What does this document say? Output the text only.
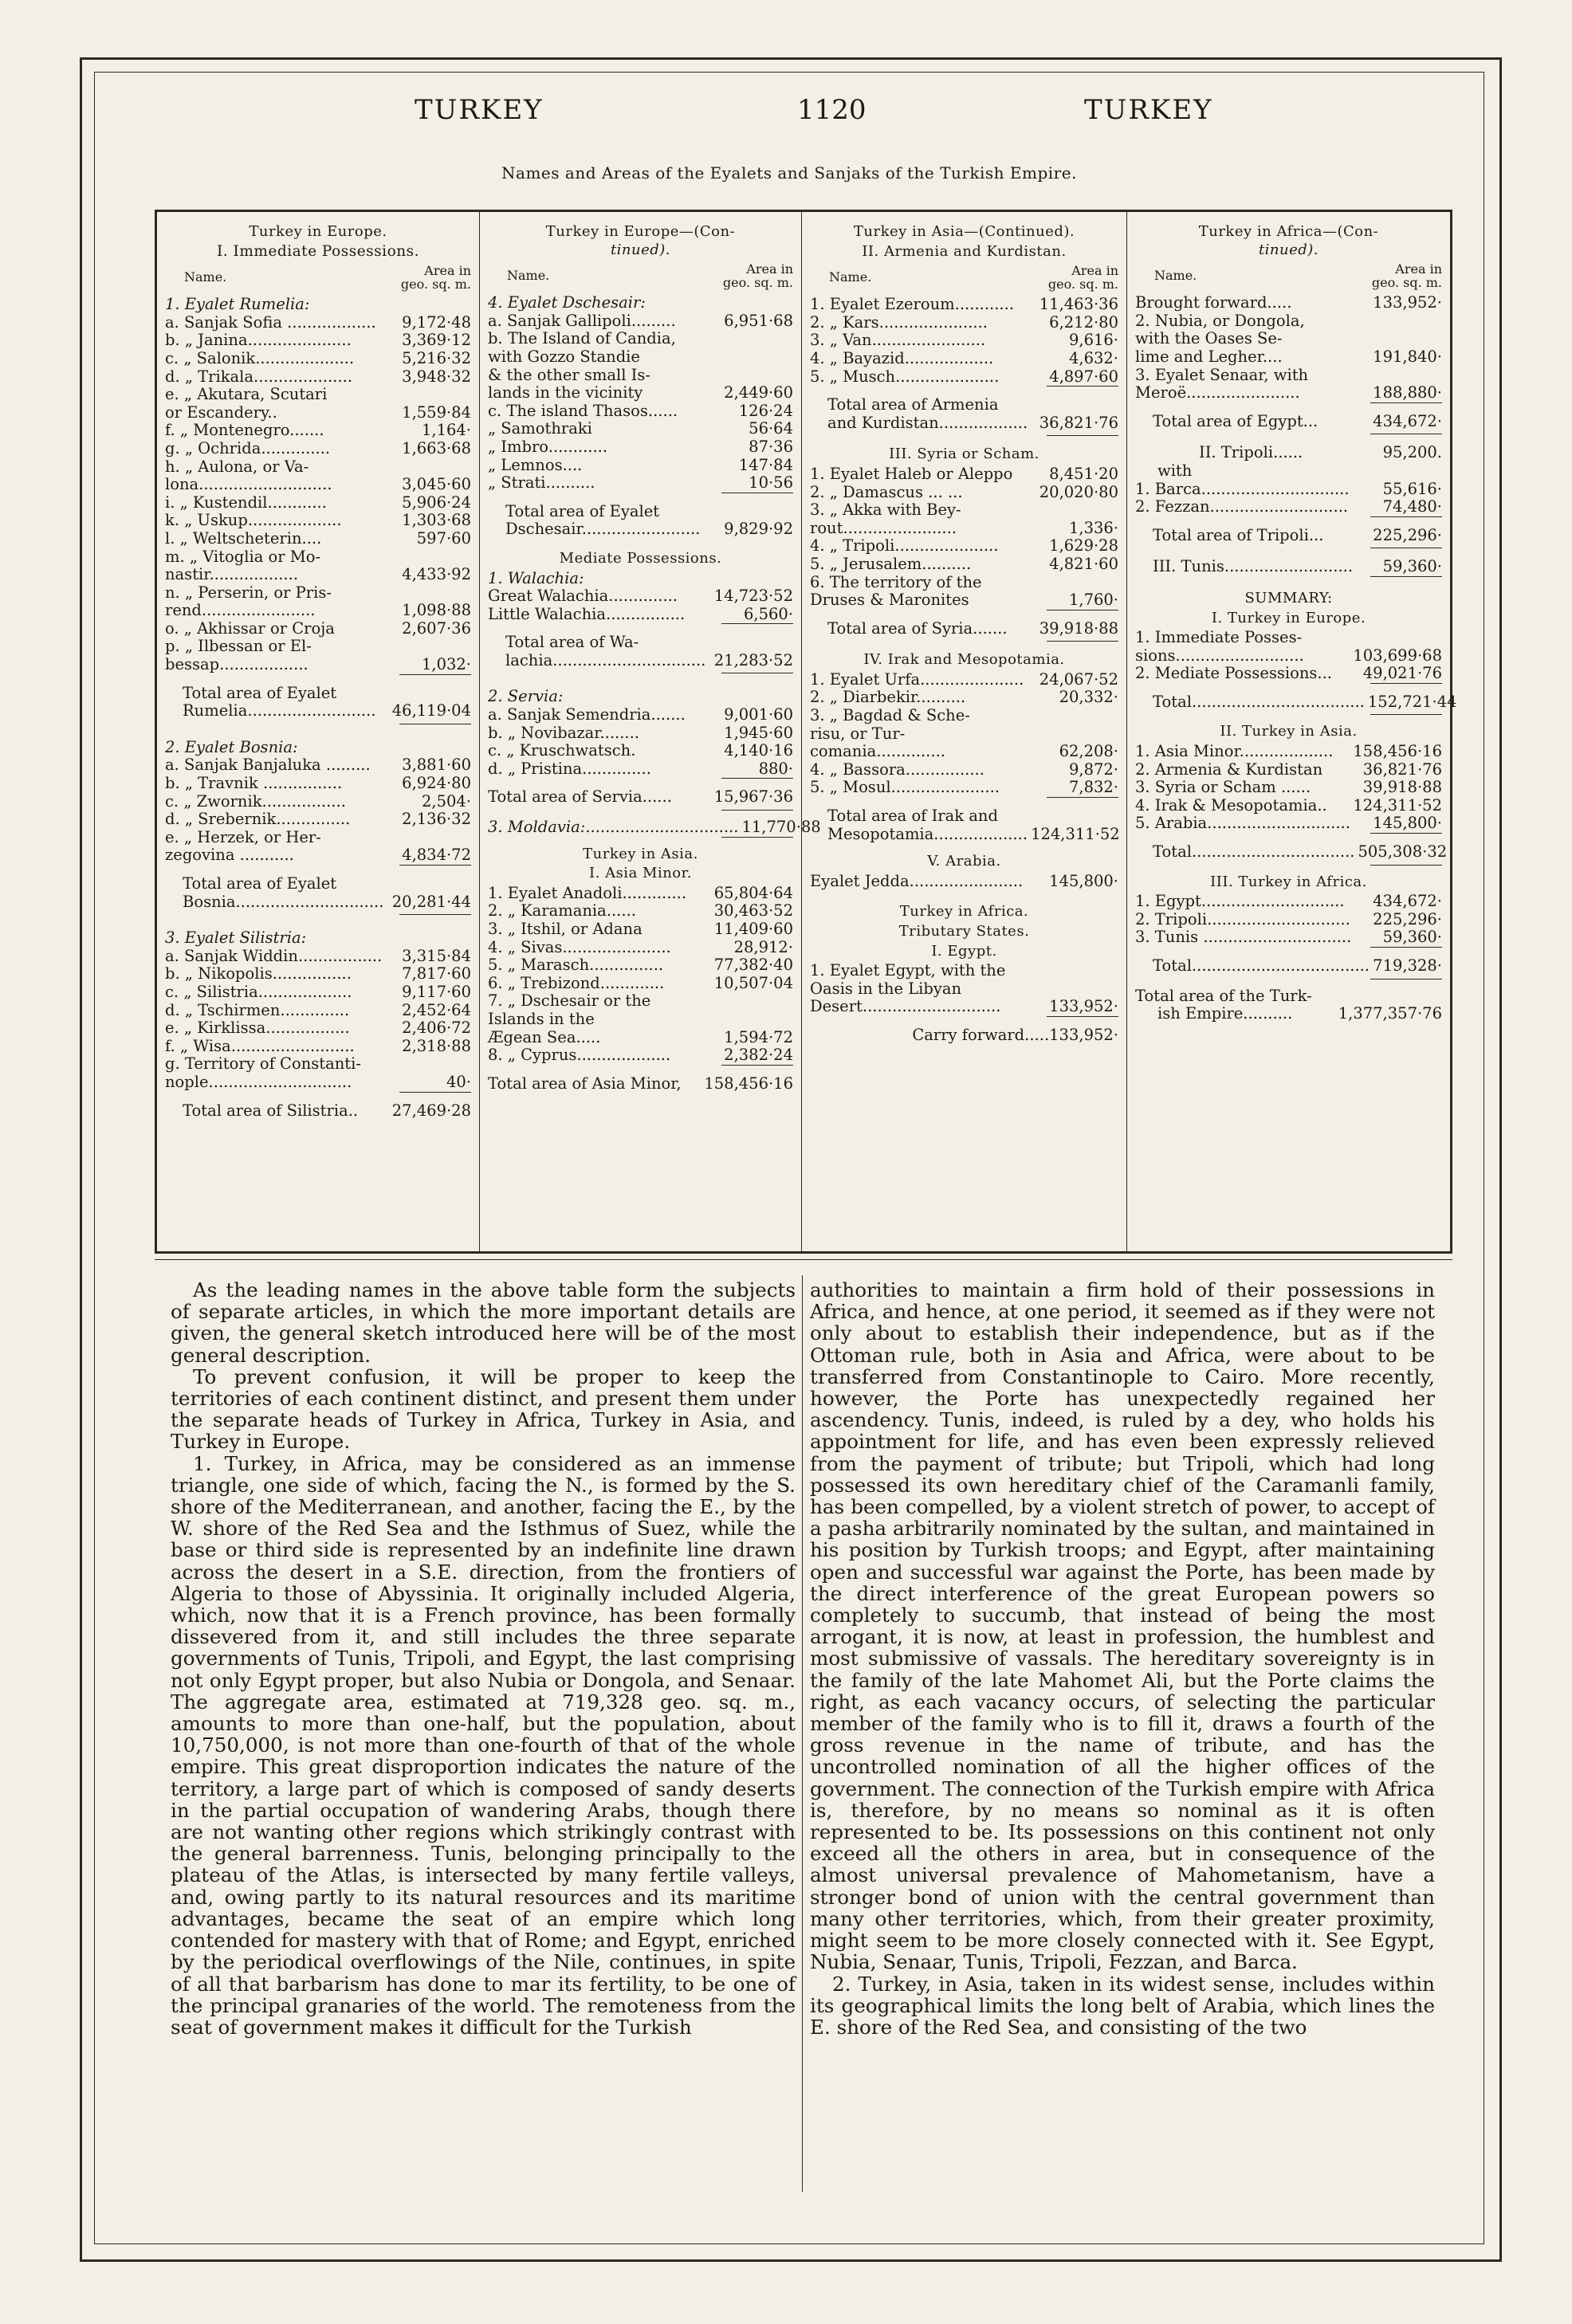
TURKEY	1120	TURKEY
Names and Areas of the Eyalets and Sanjaks of the Turkish Empire.
Turkey in Europe.
I. Immediate Possessions.
Name.	Area in
geo. sq. m.
1. Eyalet Rumelia:
a. Sanjak Sofia ..................	9,172·48
b. „ Janina.....................	3,369·12
c. „ Salonik....................	5,216·32
d. „ Trikala....................	3,948·32
e. „ Akutara, Scutari
or Escandery..	1,559·84
f. „ Montenegro.......	1,164·
g. „ Ochrida..............	1,663·68
h. „ Aulona, or Va-
lona...........................	3,045·60
i. „ Kustendil............	5,906·24
k. „ Uskup...................	1,303·68
l. „ Weltscheterin....	597·60
m. „ Vitoglia or Mo-
nastir..................	4,433·92
n. „ Perserin, or Pris-
rend.......................	1,098·88
o. „ Akhissar or Croja	2,607·36
p. „ Ilbessan or El-
bessap..................	1,032·
Total area of Eyalet
Rumelia..........................	46,119·04
2. Eyalet Bosnia:
a. Sanjak Banjaluka .........	3,881·60
b. „ Travnik ................	6,924·80
c. „ Zwornik.................	2,504·
d. „ Srebernik...............	2,136·32
e. „ Herzek, or Her-
zegovina ...........	4,834·72
Total area of Eyalet
Bosnia.............................. 20,281·44
3. Eyalet Silistria:
a. Sanjak Widdin.................	3,315·84
b. „ Nikopolis................	7,817·60
c. „ Silistria...................	9,117·60
d. „ Tschirmen..............	2,452·64
e. „ Kirklissa.................	2,406·72
f. „ Wisa.........................	2,318·88
g. Territory of Constanti-
nople.............................	40·
Total area of Silistria..	27,469·28
Turkey in Europe—(Con-
tinued).
Name.	Area in
geo. sq. m.
4. Eyalet Dschesair:
a. Sanjak Gallipoli.........	6,951·68
b. The Island of Candia,
with Gozzo Standie
& the other small Is-
lands in the vicinity	2,449·60
c. The island Thasos......	126·24
„ Samothraki	56·64
„ Imbro............	87·36
„ Lemnos....	147·84
„ Strati..........	10·56
Total area of Eyalet
Dschesair........................	9,829·92
Mediate Possessions.
1. Walachia:
Great Walachia..............	14,723·52
Little Walachia................	6,560·
Total area of Wa-
lachia............................... 21,283·52
2. Servia:
a. Sanjak Semendria.......	9,001·60
b. „ Novibazar........	1,945·60
c. „ Kruschwatsch.	4,140·16
d. „ Pristina..............	880·
Total area of Servia......	15,967·36
3. Moldavia:............................... 11,770·88
Turkey in Asia.
I. Asia Minor.
1. Eyalet Anadoli.............	65,804·64
2. „ Karamania......	30,463·52
3. „ Itshil, or Adana	11,409·60
4. „ Sivas......................	28,912·
5. „ Marasch...............	77,382·40
6. „ Trebizond.............	10,507·04
7. „ Dschesair or the
Islands in the
Ægean Sea.....	1,594·72
8. „ Cyprus...................	2,382·24
Total area of Asia Minor,	158,456·16
Turkey in Asia—(Continued).
II. Armenia and Kurdistan.
Name.	Area in
geo. sq. m.
1. Eyalet Ezeroum............	11,463·36
2. „ Kars......................	6,212·80
3. „ Van.......................	9,616·
4. „ Bayazid..................	4,632·
5. „ Musch.....................	4,897·60
Total area of Armenia
and Kurdistan.................. 36,821·76
III. Syria or Scham.
1. Eyalet Haleb or Aleppo	8,451·20
2. „ Damascus ... ...	20,020·80
3. „ Akka with Bey-
rout.......................	1,336·
4. „ Tripoli.....................	1,629·28
5. „ Jerusalem..........	4,821·60
6. The territory of the
Druses & Maronites	1,760·
Total area of Syria.......	39,918·88
IV. Irak and Mesopotamia.
1. Eyalet Urfa..................... 24,067·52
2. „ Diarbekir..........	20,332·
3. „ Bagdad & Sche-
risu, or Tur-
comania..............	62,208·
4. „ Bassora................	9,872·
5. „ Mosul......................	7,832·
Total area of Irak and
Mesopotamia................... 124,311·52
V. Arabia.
Eyalet Jedda.......................	145,800·
Turkey in Africa.
Tributary States.
I. Egypt.
1. Eyalet Egypt, with the
Oasis in the Libyan
Desert............................	133,952·
Carry forward.....133,952·
Turkey in Africa—(Con-
tinued).
Name.	Area in
geo. sq. m.
Brought forward.....	133,952·
2. Nubia, or Dongola,
with the Oases Se-
lime and Legher....	191,840·
3. Eyalet Senaar, with
Meroë.......................	188,880·
Total area of Egypt...	434,672·
II. Tripoli......	95,200.
with
1. Barca..............................	55,616·
2. Fezzan............................	74,480·
Total area of Tripoli...	225,296·
III. Tunis..........................	59,360·
SUMMARY:
I. Turkey in Europe.
1. Immediate Posses-
sions..........................	103,699·68
2. Mediate Possessions...	49,021·76
Total................................... 152,721·44
II. Turkey in Asia.
1. Asia Minor...................	158,456·16
2. Armenia & Kurdistan	36,821·76
3. Syria or Scham ......	39,918·88
4. Irak & Mesopotamia..	124,311·52
5. Arabia.............................	145,800·
Total................................. 505,308·32
III. Turkey in Africa.
1. Egypt.............................	434,672·
2. Tripoli.............................	225,296·
3. Tunis ..............................	59,360·
Total.................................... 719,328·
Total area of the Turk-
ish Empire..........	1,377,357·76

As the leading names in the above table form the subjects of separate articles, in which the more important details are given, the general sketch introduced here will be of the most general description.

To prevent confusion, it will be proper to keep the territories of each continent distinct, and present them under the separate heads of Turkey in Africa, Turkey in Asia, and Turkey in Europe.

1. Turkey, in Africa, may be considered as an immense triangle, one side of which, facing the N., is formed by the S. shore of the Mediterranean, and another, facing the E., by the W. shore of the Red Sea and the Isthmus of Suez, while the base or third side is represented by an indefinite line drawn across the desert in a S.E. direction, from the frontiers of Algeria to those of Abyssinia. It originally included Algeria, which, now that it is a French province, has been formally dissevered from it, and still includes the three separate governments of Tunis, Tripoli, and Egypt, the last comprising not only Egypt proper, but also Nubia or Dongola, and Senaar. The aggregate area, estimated at 719,328 geo. sq. m., amounts to more than one-half, but the population, about 10,750,000, is not more than one-fourth of that of the whole empire. This great disproportion indicates the nature of the territory, a large part of which is composed of sandy deserts in the partial occupation of wandering Arabs, though there are not wanting other regions which strikingly contrast with the general barrenness. Tunis, belonging principally to the plateau of the Atlas, is intersected by many fertile valleys, and, owing partly to its natural resources and its maritime advantages, became the seat of an empire which long contended for mastery with that of Rome; and Egypt, enriched by the periodical overflowings of the Nile, continues, in spite of all that barbarism has done to mar its fertility, to be one of the principal granaries of the world. The remoteness from the seat of government makes it difficult for the Turkish

authorities to maintain a firm hold of their possessions in Africa, and hence, at one period, it seemed as if they were not only about to establish their independence, but as if the Ottoman rule, both in Asia and Africa, were about to be transferred from Constantinople to Cairo. More recently, however, the Porte has unexpectedly regained her ascendency. Tunis, indeed, is ruled by a dey, who holds his appointment for life, and has even been expressly relieved from the payment of tribute; but Tripoli, which had long possessed its own hereditary chief of the Caramanli family, has been compelled, by a violent stretch of power, to accept of a pasha arbitrarily nominated by the sultan, and maintained in his position by Turkish troops; and Egypt, after maintaining open and successful war against the Porte, has been made by the direct interference of the great European powers so completely to succumb, that instead of being the most arrogant, it is now, at least in profession, the humblest and most submissive of vassals. The hereditary sovereignty is in the family of the late Mahomet Ali, but the Porte claims the right, as each vacancy occurs, of selecting the particular member of the family who is to fill it, draws a fourth of the gross revenue in the name of tribute, and has the uncontrolled nomination of all the higher offices of the government. The connection of the Turkish empire with Africa is, therefore, by no means so nominal as it is often represented to be. Its possessions on this continent not only exceed all the others in area, but in consequence of the almost universal prevalence of Mahometanism, have a stronger bond of union with the central government than many other territories, which, from their greater proximity, might seem to be more closely connected with it. See Egypt, Nubia, Senaar, Tunis, Tripoli, Fezzan, and Barca.

2. Turkey, in Asia, taken in its widest sense, includes within its geographical limits the long belt of Arabia, which lines the E. shore of the Red Sea, and consisting of the two
